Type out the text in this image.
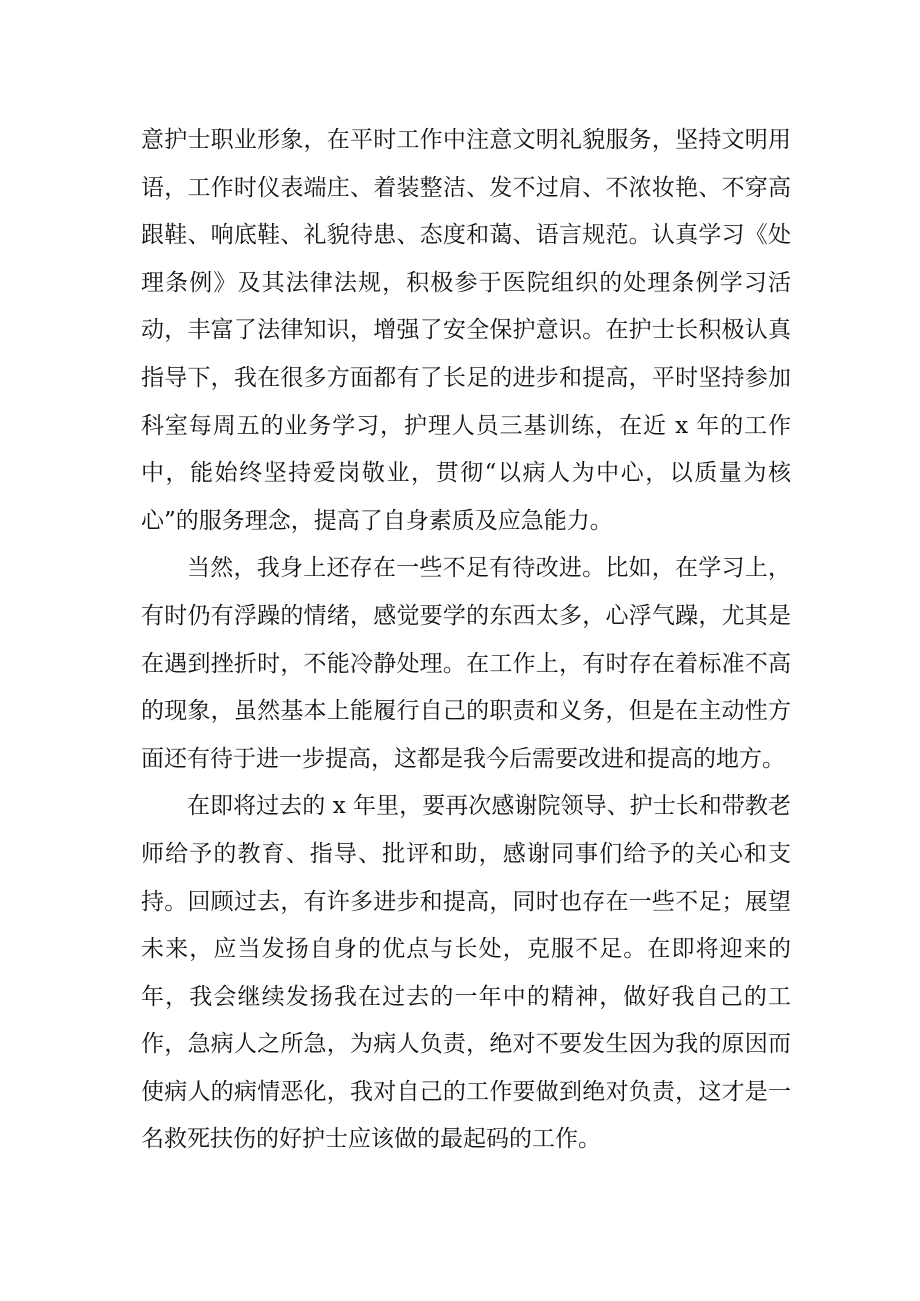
意护士职业形象，在平时工作中注意文明礼貌服务，坚持文明用语，工作时仪表端庄、着装整洁、发不过肩、不浓妆艳、不穿高跟鞋、响底鞋、礼貌待患、态度和蔼、语言规范。认真学习《处理条例》及其法律法规，积极参于医院组织的处理条例学习活动，丰富了法律知识，增强了安全保护意识。在护士长积极认真指导下，我在很多方面都有了长足的进步和提高，平时坚持参加科室每周五的业务学习，护理人员三基训练，在近 x 年的工作中，能始终坚持爱岗敬业，贯彻“以病人为中心，以质量为核心”的服务理念，提高了自身素质及应急能力。

当然，我身上还存在一些不足有待改进。比如，在学习上，有时仍有浮躁的情绪，感觉要学的东西太多，心浮气躁，尤其是在遇到挫折时，不能冷静处理。在工作上，有时存在着标准不高的现象，虽然基本上能履行自己的职责和义务，但是在主动性方面还有待于进一步提高，这都是我今后需要改进和提高的地方。

在即将过去的 x 年里，要再次感谢院领导、护士长和带教老师给予的教育、指导、批评和助，感谢同事们给予的关心和支持。回顾过去，有许多进步和提高，同时也存在一些不足；展望未来，应当发扬自身的优点与长处，克服不足。在即将迎来的年，我会继续发扬我在过去的一年中的精神，做好我自己的工作，急病人之所急，为病人负责，绝对不要发生因为我的原因而使病人的病情恶化，我对自己的工作要做到绝对负责，这才是一名救死扶伤的好护士应该做的最起码的工作。
